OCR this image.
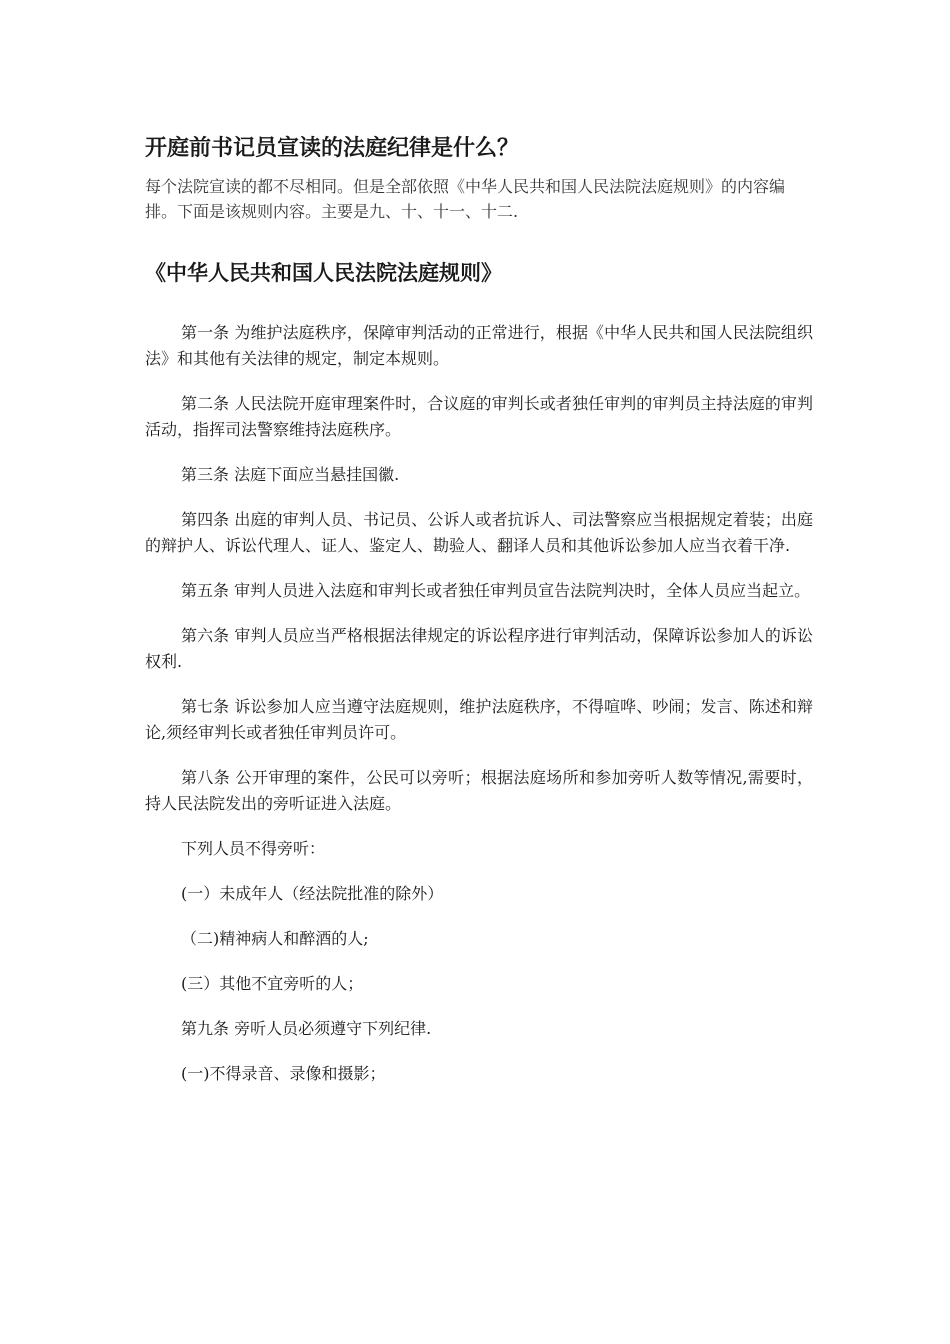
开庭前书记员宣读的法庭纪律是什么？

每个法院宣读的都不尽相同。但是全部依照《中华人民共和国人民法院法庭规则》的内容编排。下面是该规则内容。主要是九、十、十一、十二.

《中华人民共和国人民法院法庭规则》

第一条 为维护法庭秩序，保障审判活动的正常进行，根据《中华人民共和国人民法院组织法》和其他有关法律的规定，制定本规则。

第二条 人民法院开庭审理案件时，合议庭的审判长或者独任审判的审判员主持法庭的审判活动，指挥司法警察维持法庭秩序。

第三条 法庭下面应当悬挂国徽.

第四条 出庭的审判人员、书记员、公诉人或者抗诉人、司法警察应当根据规定着装；出庭的辩护人、诉讼代理人、证人、鉴定人、勘验人、翻译人员和其他诉讼参加人应当衣着干净.

第五条 审判人员进入法庭和审判长或者独任审判员宣告法院判决时，全体人员应当起立。

第六条 审判人员应当严格根据法律规定的诉讼程序进行审判活动，保障诉讼参加人的诉讼权利.

第七条 诉讼参加人应当遵守法庭规则，维护法庭秩序，不得喧哗、吵闹；发言、陈述和辩论,须经审判长或者独任审判员许可。

第八条 公开审理的案件，公民可以旁听；根据法庭场所和参加旁听人数等情况,需要时，持人民法院发出的旁听证进入法庭。

下列人员不得旁听：

(一）未成年人（经法院批准的除外）

（二)精神病人和醉酒的人;

(三）其他不宜旁听的人；

第九条 旁听人员必须遵守下列纪律.

(一)不得录音、录像和摄影；
